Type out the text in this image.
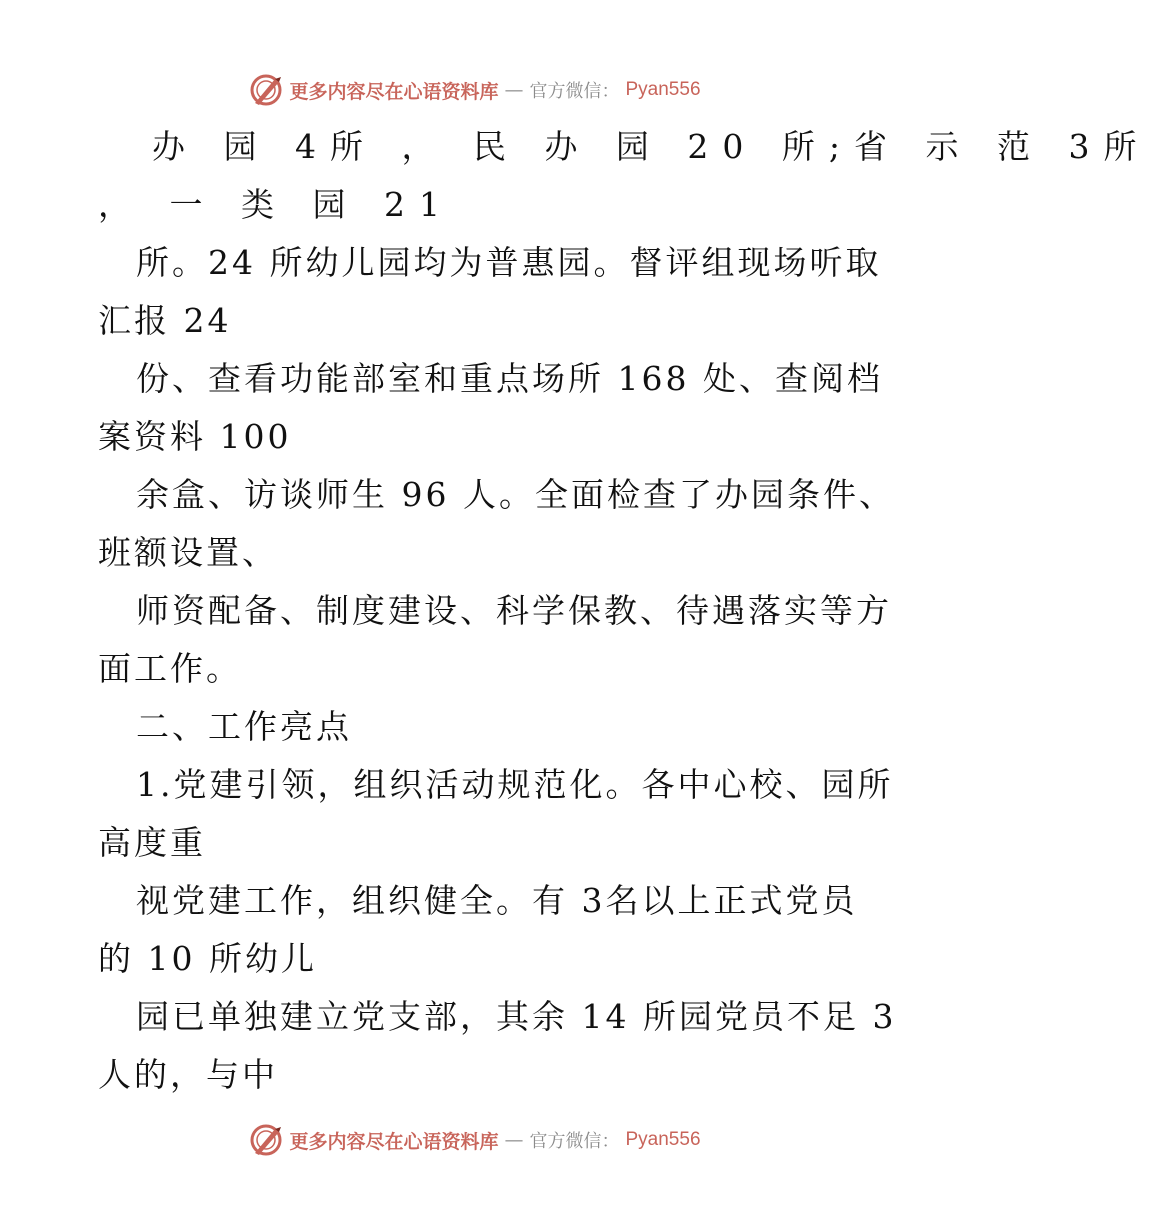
更多内容尽在心语资料库 — 官方微信： Pyan556
办 园 4所 ， 民 办 园 20 所;省 示 范 3所
， 一 类 园 21
所。24 所幼儿园均为普惠园。督评组现场听取
汇报 24
份、查看功能部室和重点场所 168 处、查阅档
案资料 100
余盒、访谈师生 96 人。全面检查了办园条件、
班额设置、
师资配备、制度建设、科学保教、待遇落实等方
面工作。
二、工作亮点
1.党建引领，组织活动规范化。各中心校、园所
高度重
视党建工作，组织健全。有 3名以上正式党员
的 10 所幼儿
园已单独建立党支部，其余 14 所园党员不足 3
人的，与中
更多内容尽在心语资料库 — 官方微信： Pyan556
